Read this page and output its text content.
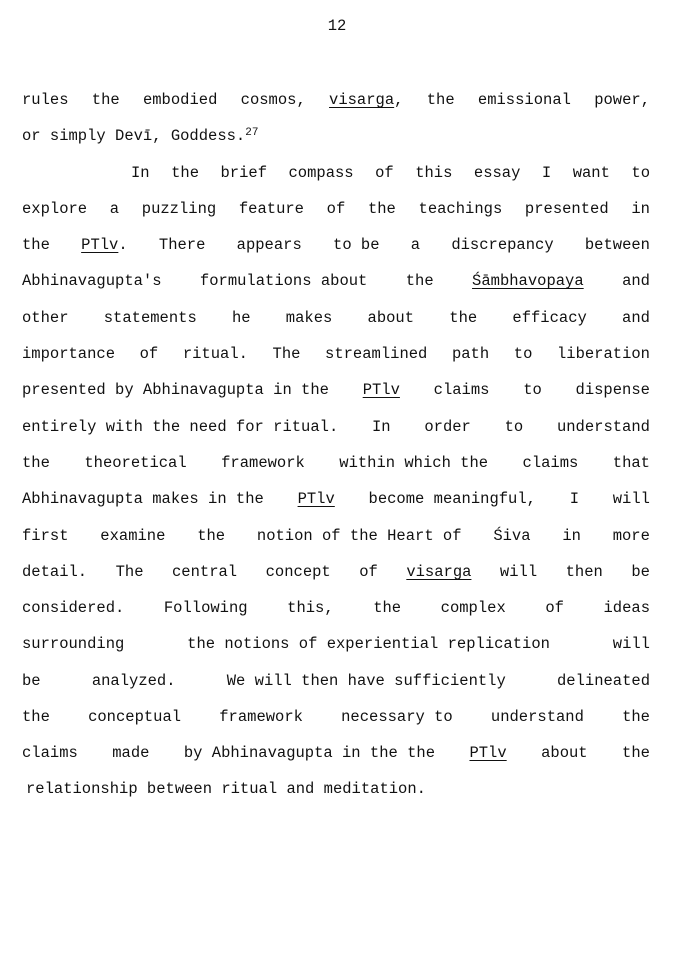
12
rules the embodied cosmos, visarga, the emissional power,
or simply Devī, Goddess.$^{27}$
In the brief compass of this essay I want to
explore a puzzling feature of the teachings presented in
the PTlv. There appears to be a discrepancy between
Abhinavagupta's formulations about the Śāmbhavopaya and
other statements he makes about the efficacy and
importance of ritual. The streamlined path to liberation
presented by Abhinavagupta in the PTlv claims to dispense
entirely with the need for ritual. In order to understand
the theoretical framework within which the claims that
Abhinavagupta makes in the PTlv become meaningful, I will
first examine the notion of the Heart of Śiva in more
detail. The central concept of visarga will then be
considered.	Following	this,	the	complex	of	ideas
surrounding	the notions of experiential replication	will
be	analyzed.	We will then have sufficiently	delineated
the conceptual framework necessary to understand the
claims made by Abhinavagupta in the the PTlv about the
relationship between ritual and meditation.
